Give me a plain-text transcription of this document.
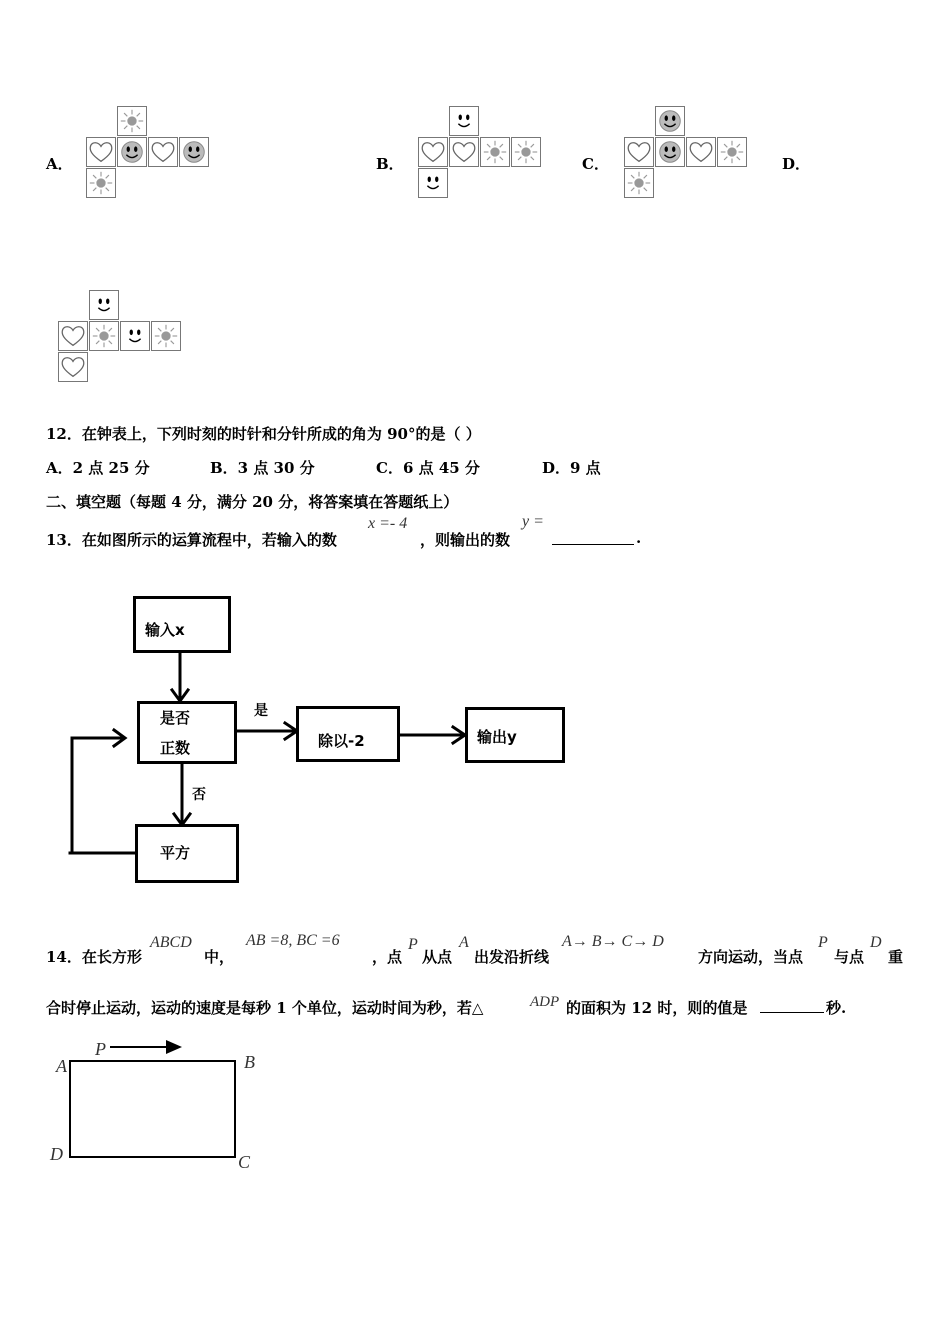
A．	B．	C．	D．
12．在钟表上，下列时刻的时针和分针所成的角为 90°的是（ ）
A．2 点 25 分	B．3 点 30 分	C．6 点 45 分	D．9 点
二、填空题（每题 4 分，满分 20 分，将答案填在答题纸上）
13．在如图所示的运算流程中，若输入的数
x =- 4
，则输出的数
y =
.
输入x
是否
正数
是
除以-2	输出y
否
平方
14．在长方形
ABCD
中，
AB =8, BC =6
，点
P
从点
A
出发沿折线
A→ B→ C→ D
方向运动，当点
P
与点
D
重
合时停止运动，运动的速度是每秒 1 个单位，运动时间为秒，若△	ADP 的面积为 12 时，则的值是	秒.
A	B
C
D
P
